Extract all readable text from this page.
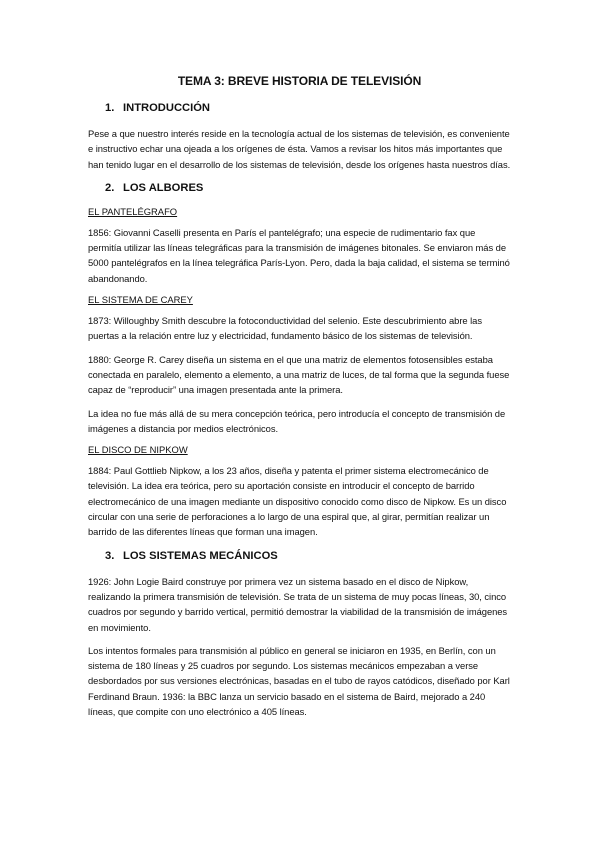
TEMA 3: BREVE HISTORIA DE TELEVISIÓN
1. INTRODUCCIÓN

Pese a que nuestro interés reside en la tecnología actual de los sistemas de televisión, es conveniente e instructivo echar una ojeada a los orígenes de ésta. Vamos a revisar los hitos más importantes que han tenido lugar en el desarrollo de los sistemas de televisión, desde los orígenes hasta nuestros días.

2. LOS ALBORES
EL PANTELÉGRAFO

1856: Giovanni Caselli presenta en París el pantelégrafo; una especie de rudimentario fax que permitía utilizar las líneas telegráficas para la transmisión de imágenes bitonales. Se enviaron más de 5000 pantelégrafos en la línea telegráfica París-Lyon. Pero, dada la baja calidad, el sistema se terminó abandonando.

EL SISTEMA DE CAREY

1873: Willoughby Smith descubre la fotoconductividad del selenio. Este descubrimiento abre las puertas a la relación entre luz y electricidad, fundamento básico de los sistemas de televisión.

1880: George R. Carey diseña un sistema en el que una matriz de elementos fotosensibles estaba conectada en paralelo, elemento a elemento, a una matriz de luces, de tal forma que la segunda fuese capaz de “reproducir” una imagen presentada ante la primera.

La idea no fue más allá de su mera concepción teórica, pero introducía el concepto de transmisión de imágenes a distancia por medios electrónicos.

EL DISCO DE NIPKOW

1884: Paul Gottlieb Nipkow, a los 23 años, diseña y patenta el primer sistema electromecánico de televisión. La idea era teórica, pero su aportación consiste en introducir el concepto de barrido electromecánico de una imagen mediante un dispositivo conocido como disco de Nipkow. Es un disco circular con una serie de perforaciones a lo largo de una espiral que, al girar, permitían realizar un barrido de las diferentes líneas que forman una imagen.

3. LOS SISTEMAS MECÁNICOS

1926: John Logie Baird construye por primera vez un sistema basado en el disco de Nipkow, realizando la primera transmisión de televisión. Se trata de un sistema de muy pocas líneas, 30, cinco cuadros por segundo y barrido vertical, permitió demostrar la viabilidad de la transmisión de imágenes en movimiento.

Los intentos formales para transmisión al público en general se iniciaron en 1935, en Berlín, con un sistema de 180 líneas y 25 cuadros por segundo. Los sistemas mecánicos empezaban a verse desbordados por sus versiones electrónicas, basadas en el tubo de rayos catódicos, diseñado por Karl Ferdinand Braun. 1936: la BBC lanza un servicio basado en el sistema de Baird, mejorado a 240 líneas, que compite con uno electrónico a 405 líneas.
